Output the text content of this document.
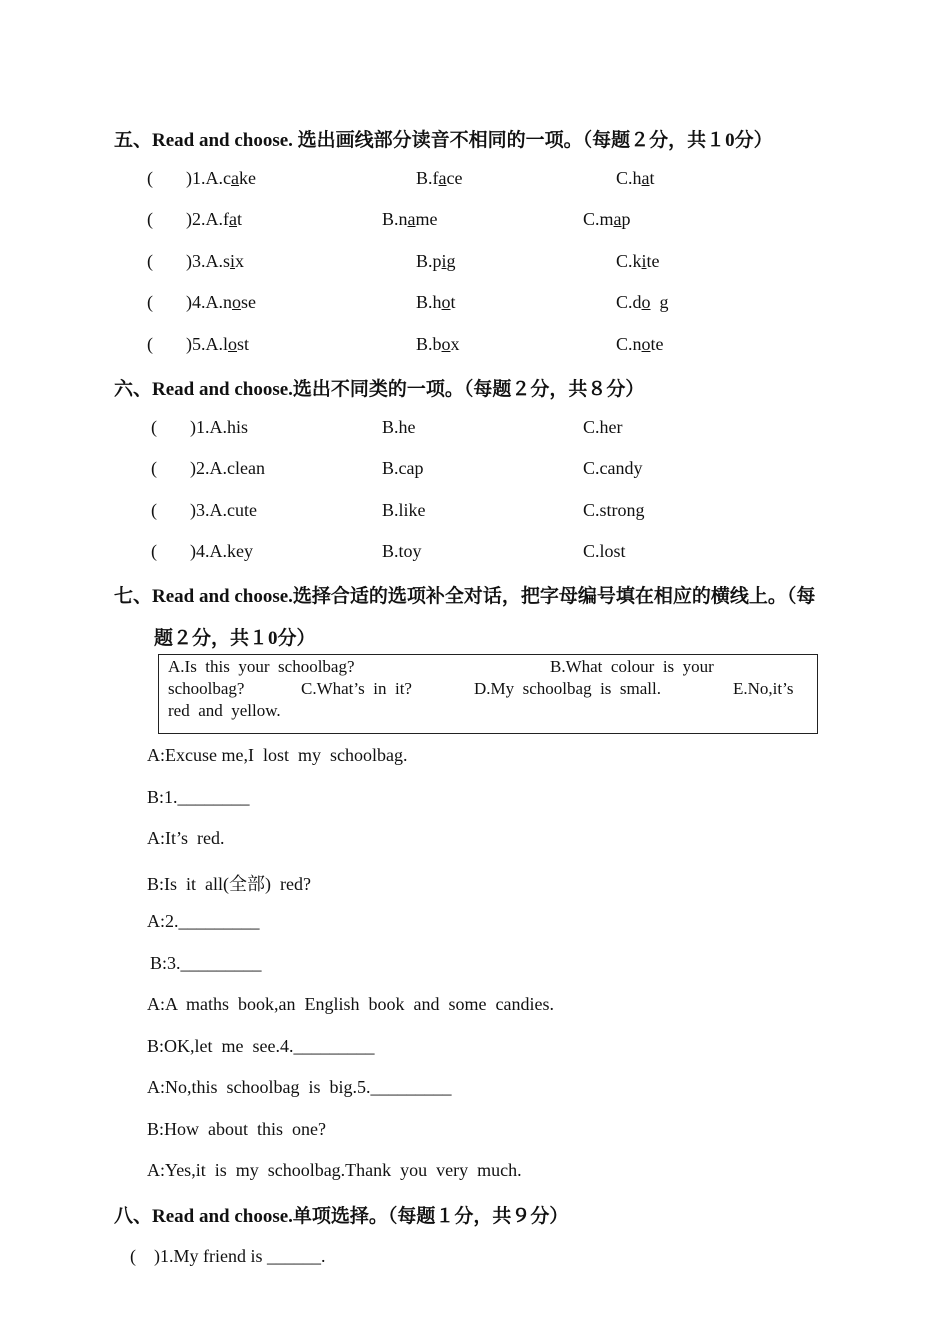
五、Read and choose. 选出画线部分读音不相同的一项。（每题２分，共１0分）
( )1.A.cake	B.face	C.hat
( )2.A.fat	B.name	C.map
( )3.A.six	B.pig	C.kite
( )4.A.nose	B.hot	C.do  g
( )5.A.lost	B.box	C.note
六、Read and choose.选出不同类的一项。（每题２分，共８分）
( )1.A.his	B.he	C.her
( )2.A.clean	B.cap	C.candy
( )3.A.cute	B.like	C.strong
( )4.A.key	B.toy	C.lost
七、Read and choose.选择合适的选项补全对话，把字母编号填在相应的横线上。（每
题２分，共１0分）
A.Is  this  your  schoolbag?	B.What  colour  is  your
schoolbag?	C.What’s  in  it?	D.My  schoolbag  is  small.	E.No,it’s
red  and  yellow.
A:Excuse me,I  lost  my  schoolbag.
B:1.________
A:It’s  red.
B:Is  it  all(全部)  red?
A:2._________
B:3._________
A:A  maths  book,an  English  book  and  some  candies.
B:OK,let  me  see.4._________
A:No,this  schoolbag  is  big.5._________
B:How  about  this  one?
A:Yes,it  is  my  schoolbag.Thank  you  very  much.
八、Read and choose.单项选择。（每题１分，共９分）
(    )1.My friend is ______.
